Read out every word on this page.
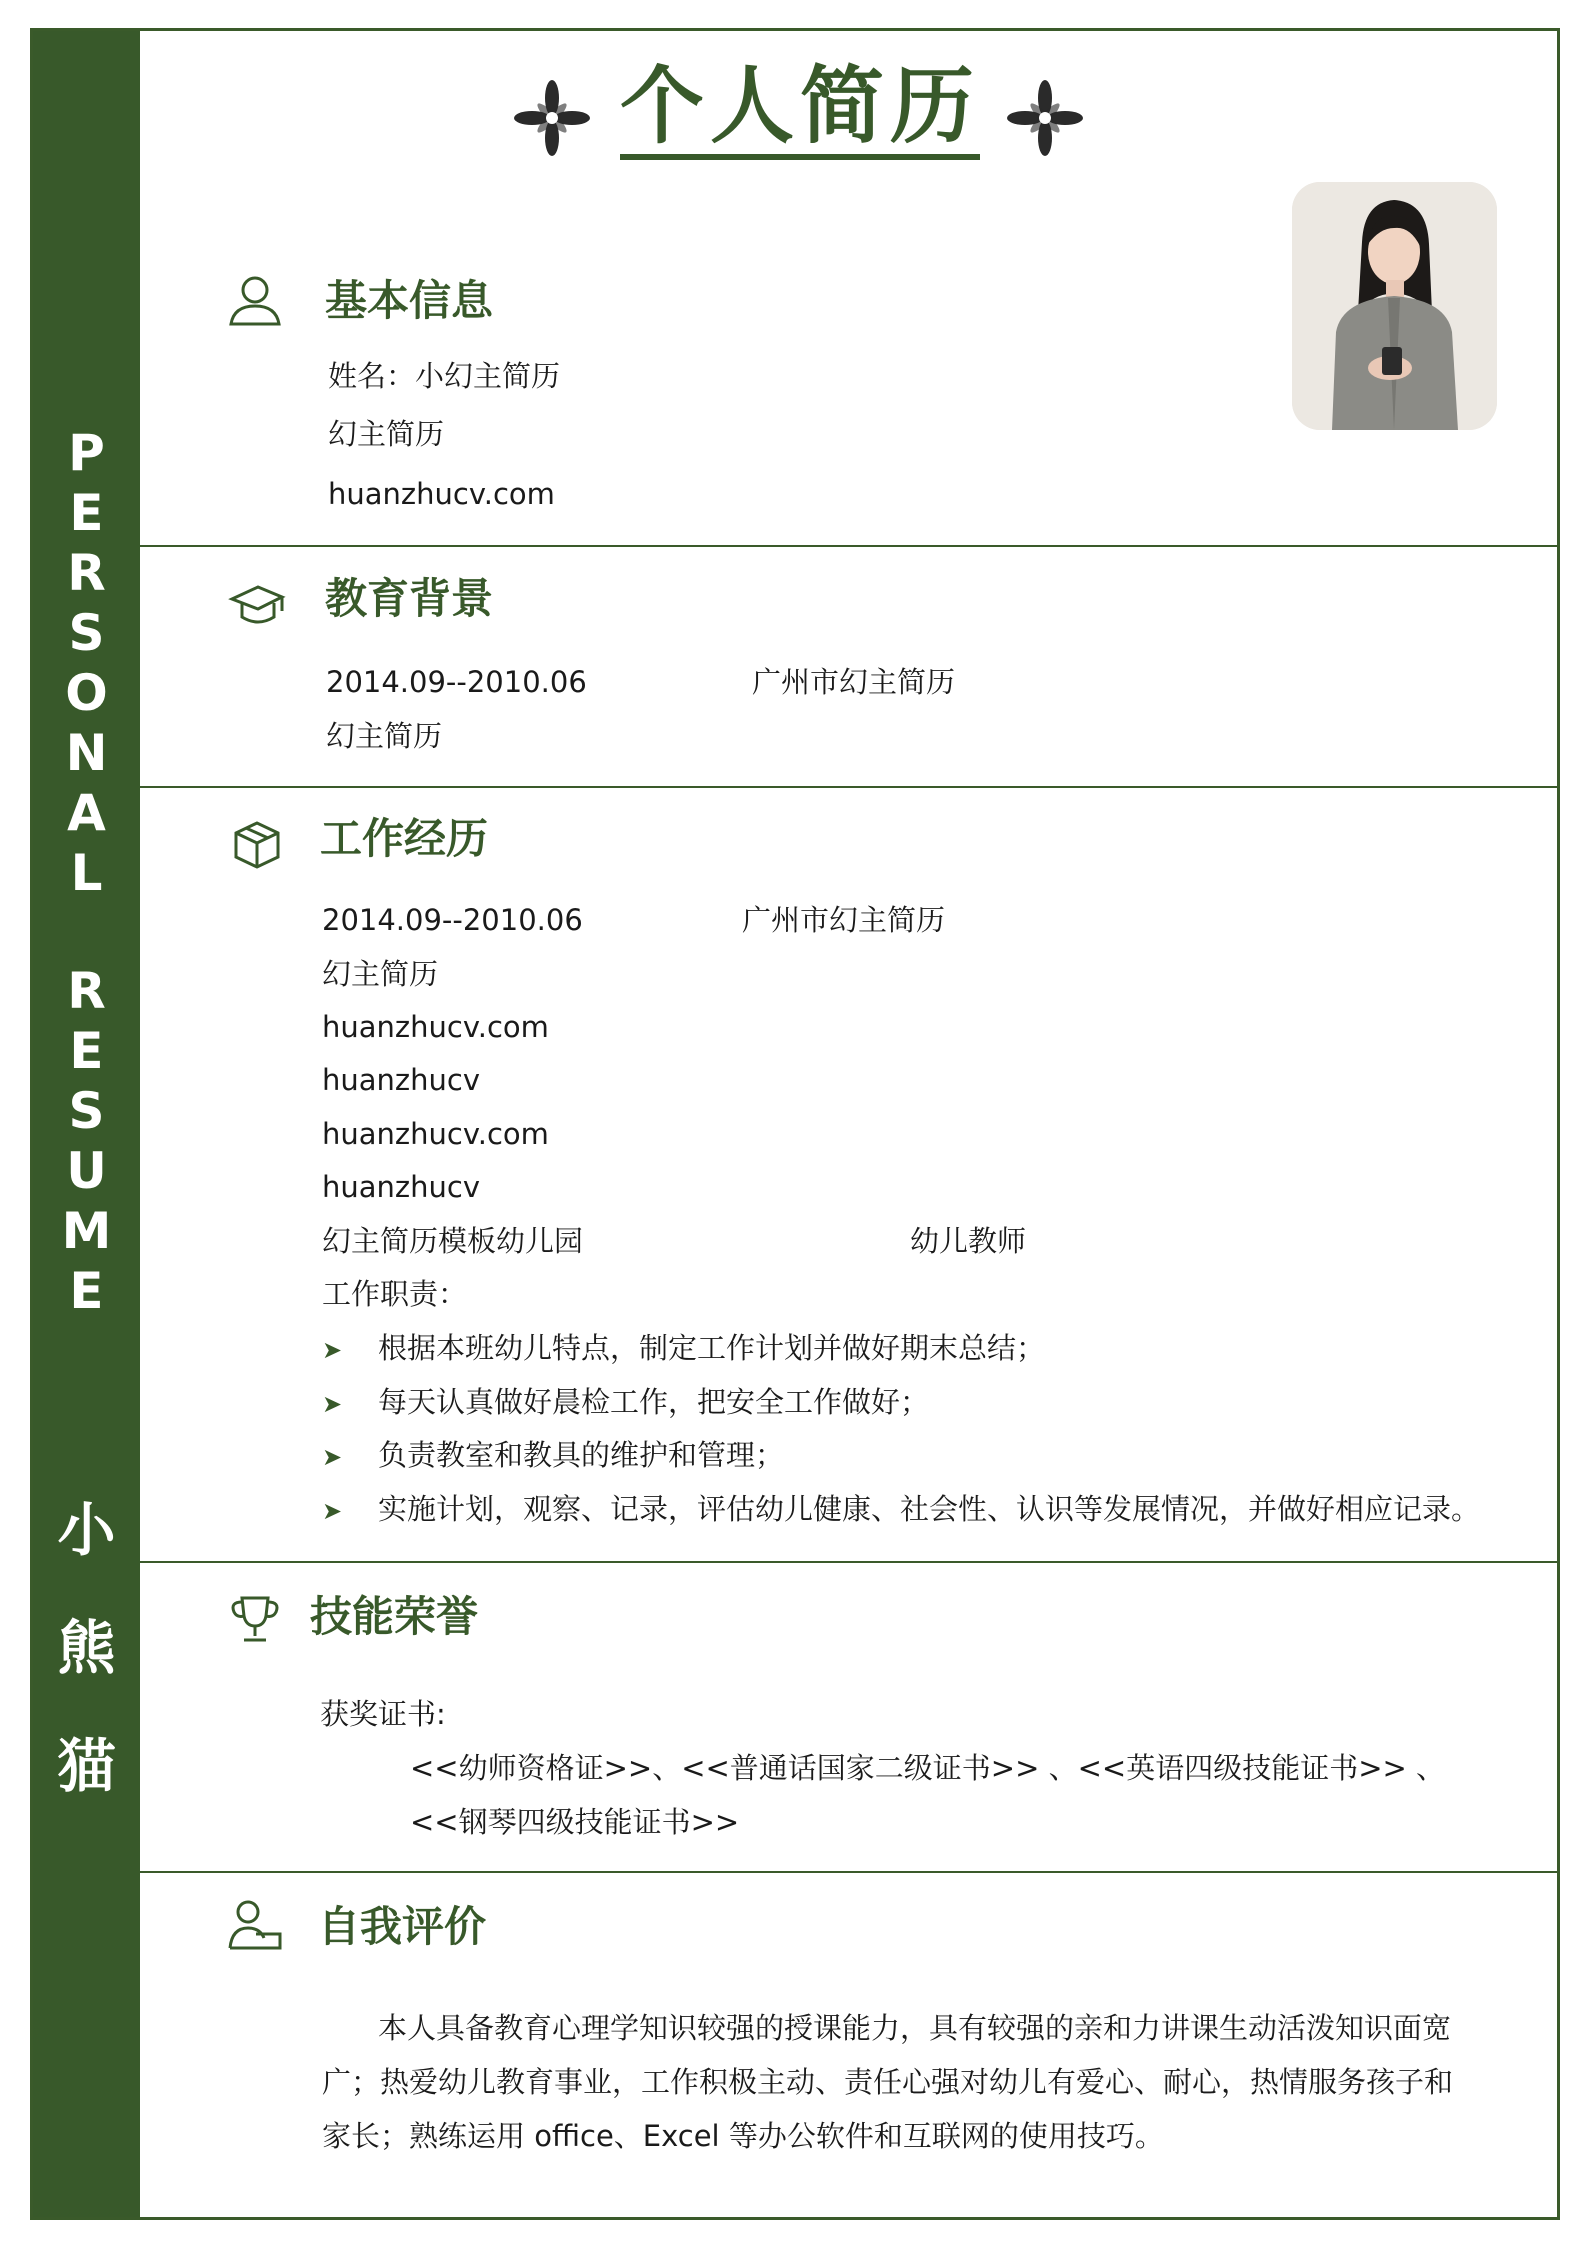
P
E
R
S
O
N
A
L
R
E
S
U
M
E
小
熊
猫
个人简历
基本信息
姓名：小幻主简历
幻主简历
huanzhucv.com
教育背景
2014.09--2010.06	广州市幻主简历
幻主简历
工作经历
2014.09--2010.06	广州市幻主简历
幻主简历
huanzhucv.com
huanzhucv
huanzhucv.com
huanzhucv
幻主简历模板幼儿园	幼儿教师
工作职责：
➤ 根据本班幼儿特点，制定工作计划并做好期末总结；
➤ 每天认真做好晨检工作，把安全工作做好；
➤ 负责教室和教具的维护和管理；
➤ 实施计划，观察、记录，评估幼儿健康、社会性、认识等发展情况，并做好相应记录。
技能荣誉
获奖证书:
<<幼师资格证>>、<<普通话国家二级证书>> 、<<英语四级技能证书>> 、
<<钢琴四级技能证书>>
自我评价
本人具备教育心理学知识较强的授课能力，具有较强的亲和力讲课生动活泼知识面宽
广；热爱幼儿教育事业，工作积极主动、责任心强对幼儿有爱心、耐心，热情服务孩子和
家长；熟练运用 office、Excel 等办公软件和互联网的使用技巧。
